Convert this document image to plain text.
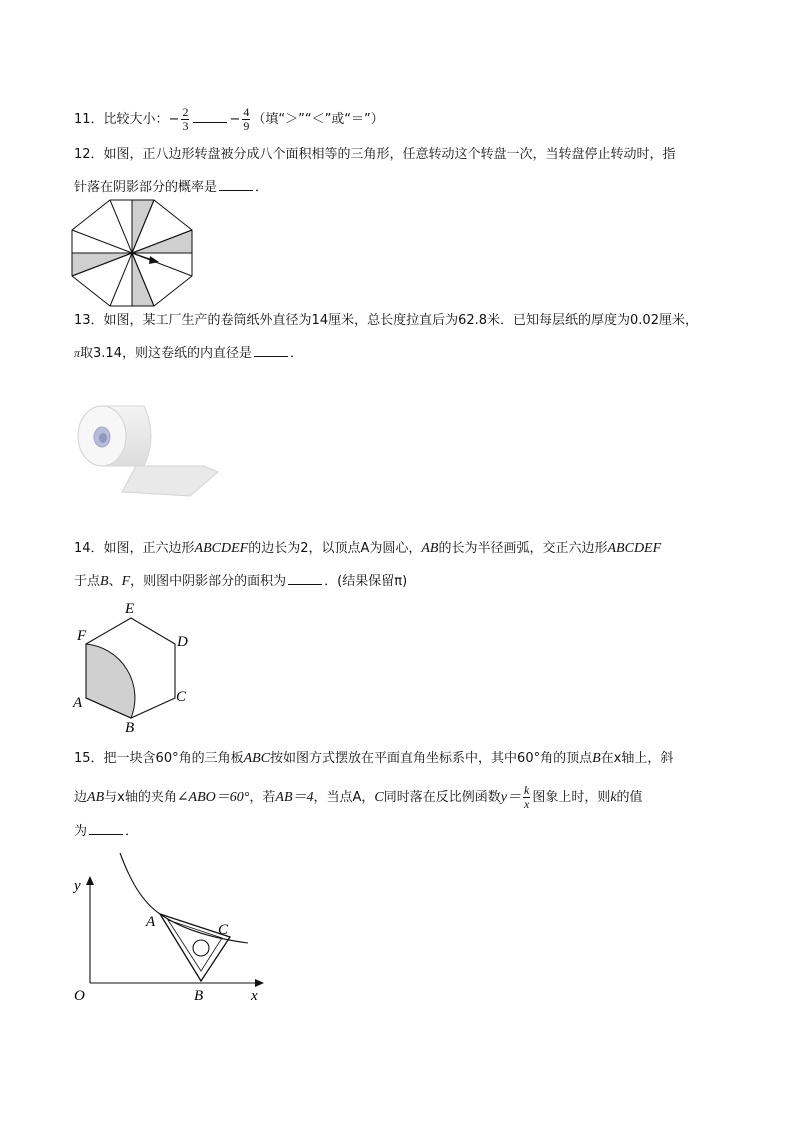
11．比较大小：− $\frac{2}{3}$	− $\frac{4}{9}$ （填“＞”“＜”或“＝”）
12．如图，正八边形转盘被分成八个面积相等的三角形，任意转动这个转盘一次，当转盘停止转动时，指
针落在阴影部分的概率是	．
13．如图，某工厂生产的卷筒纸外直径为14厘米，总长度拉直后为62.8米．已知每层纸的厚度为0.02厘米，
π取3.14，则这卷纸的内直径是	．
14．如图，正六边形ABCDEF的边长为2，以顶点A为圆心，AB的长为半径画弧，交正六边形ABCDEF
于点B、F，则图中阴影部分的面积为	．(结果保留π)
E
F	D
A	C
B
15．把一块含60°角的三角板ABC按如图方式摆放在平面直角坐标系中，其中60°角的顶点B在x轴上，斜
边AB与x轴的夹角∠ABO＝60°，若AB＝4，当点A，C同时落在反比例函数$y= \frac{k}{x}$ 图象上时，则k的值
为	．
y
x
O
A
B
C
